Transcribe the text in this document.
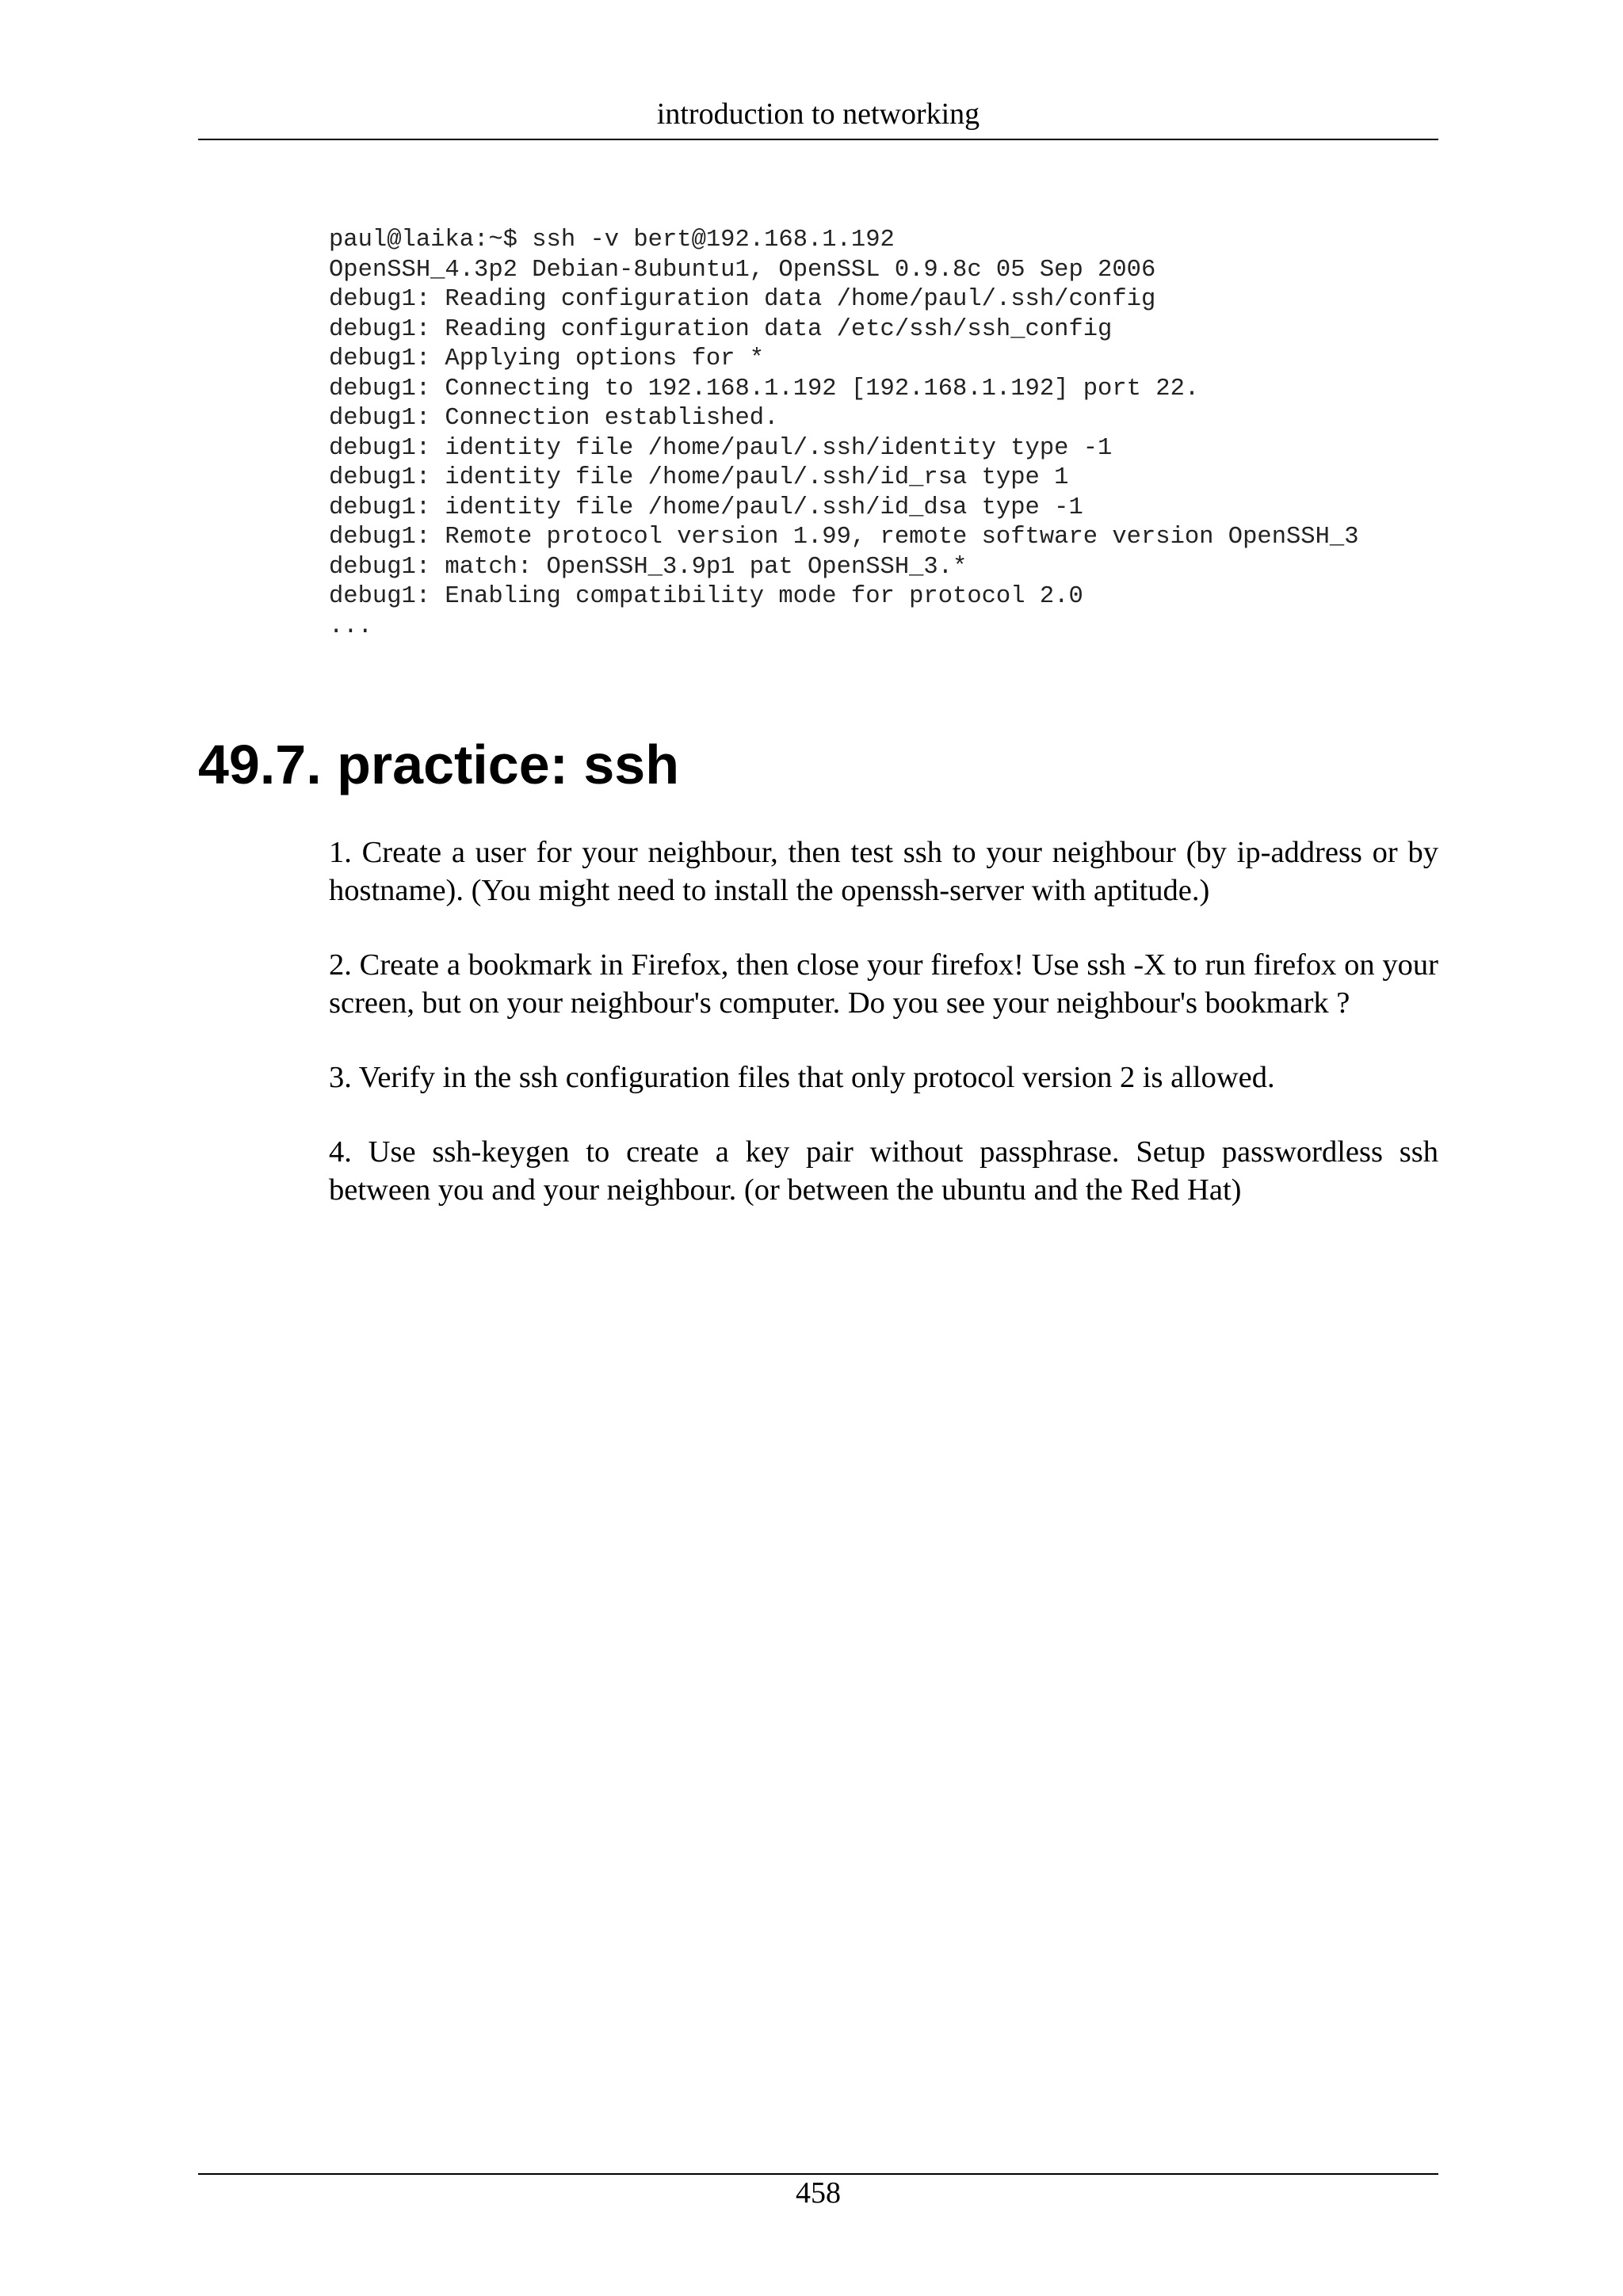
introduction to networking
paul@laika:~$ ssh -v bert@192.168.1.192
OpenSSH_4.3p2 Debian-8ubuntu1, OpenSSL 0.9.8c 05 Sep 2006
debug1: Reading configuration data /home/paul/.ssh/config
debug1: Reading configuration data /etc/ssh/ssh_config
debug1: Applying options for *
debug1: Connecting to 192.168.1.192 [192.168.1.192] port 22.
debug1: Connection established.
debug1: identity file /home/paul/.ssh/identity type -1
debug1: identity file /home/paul/.ssh/id_rsa type 1
debug1: identity file /home/paul/.ssh/id_dsa type -1
debug1: Remote protocol version 1.99, remote software version OpenSSH_3
debug1: match: OpenSSH_3.9p1 pat OpenSSH_3.*
debug1: Enabling compatibility mode for protocol 2.0
...
49.7. practice: ssh

1. Create a user for your neighbour, then test ssh to your neighbour (by ip-address or by hostname). (You might need to install the openssh-server with aptitude.)

2. Create a bookmark in Firefox, then close your firefox! Use ssh -X to run firefox on your screen, but on your neighbour's computer. Do you see your neighbour's bookmark ?

3. Verify in the ssh configuration files that only protocol version 2 is allowed.

4. Use ssh-keygen to create a key pair without passphrase. Setup passwordless ssh between you and your neighbour. (or between the ubuntu and the Red Hat)

458
